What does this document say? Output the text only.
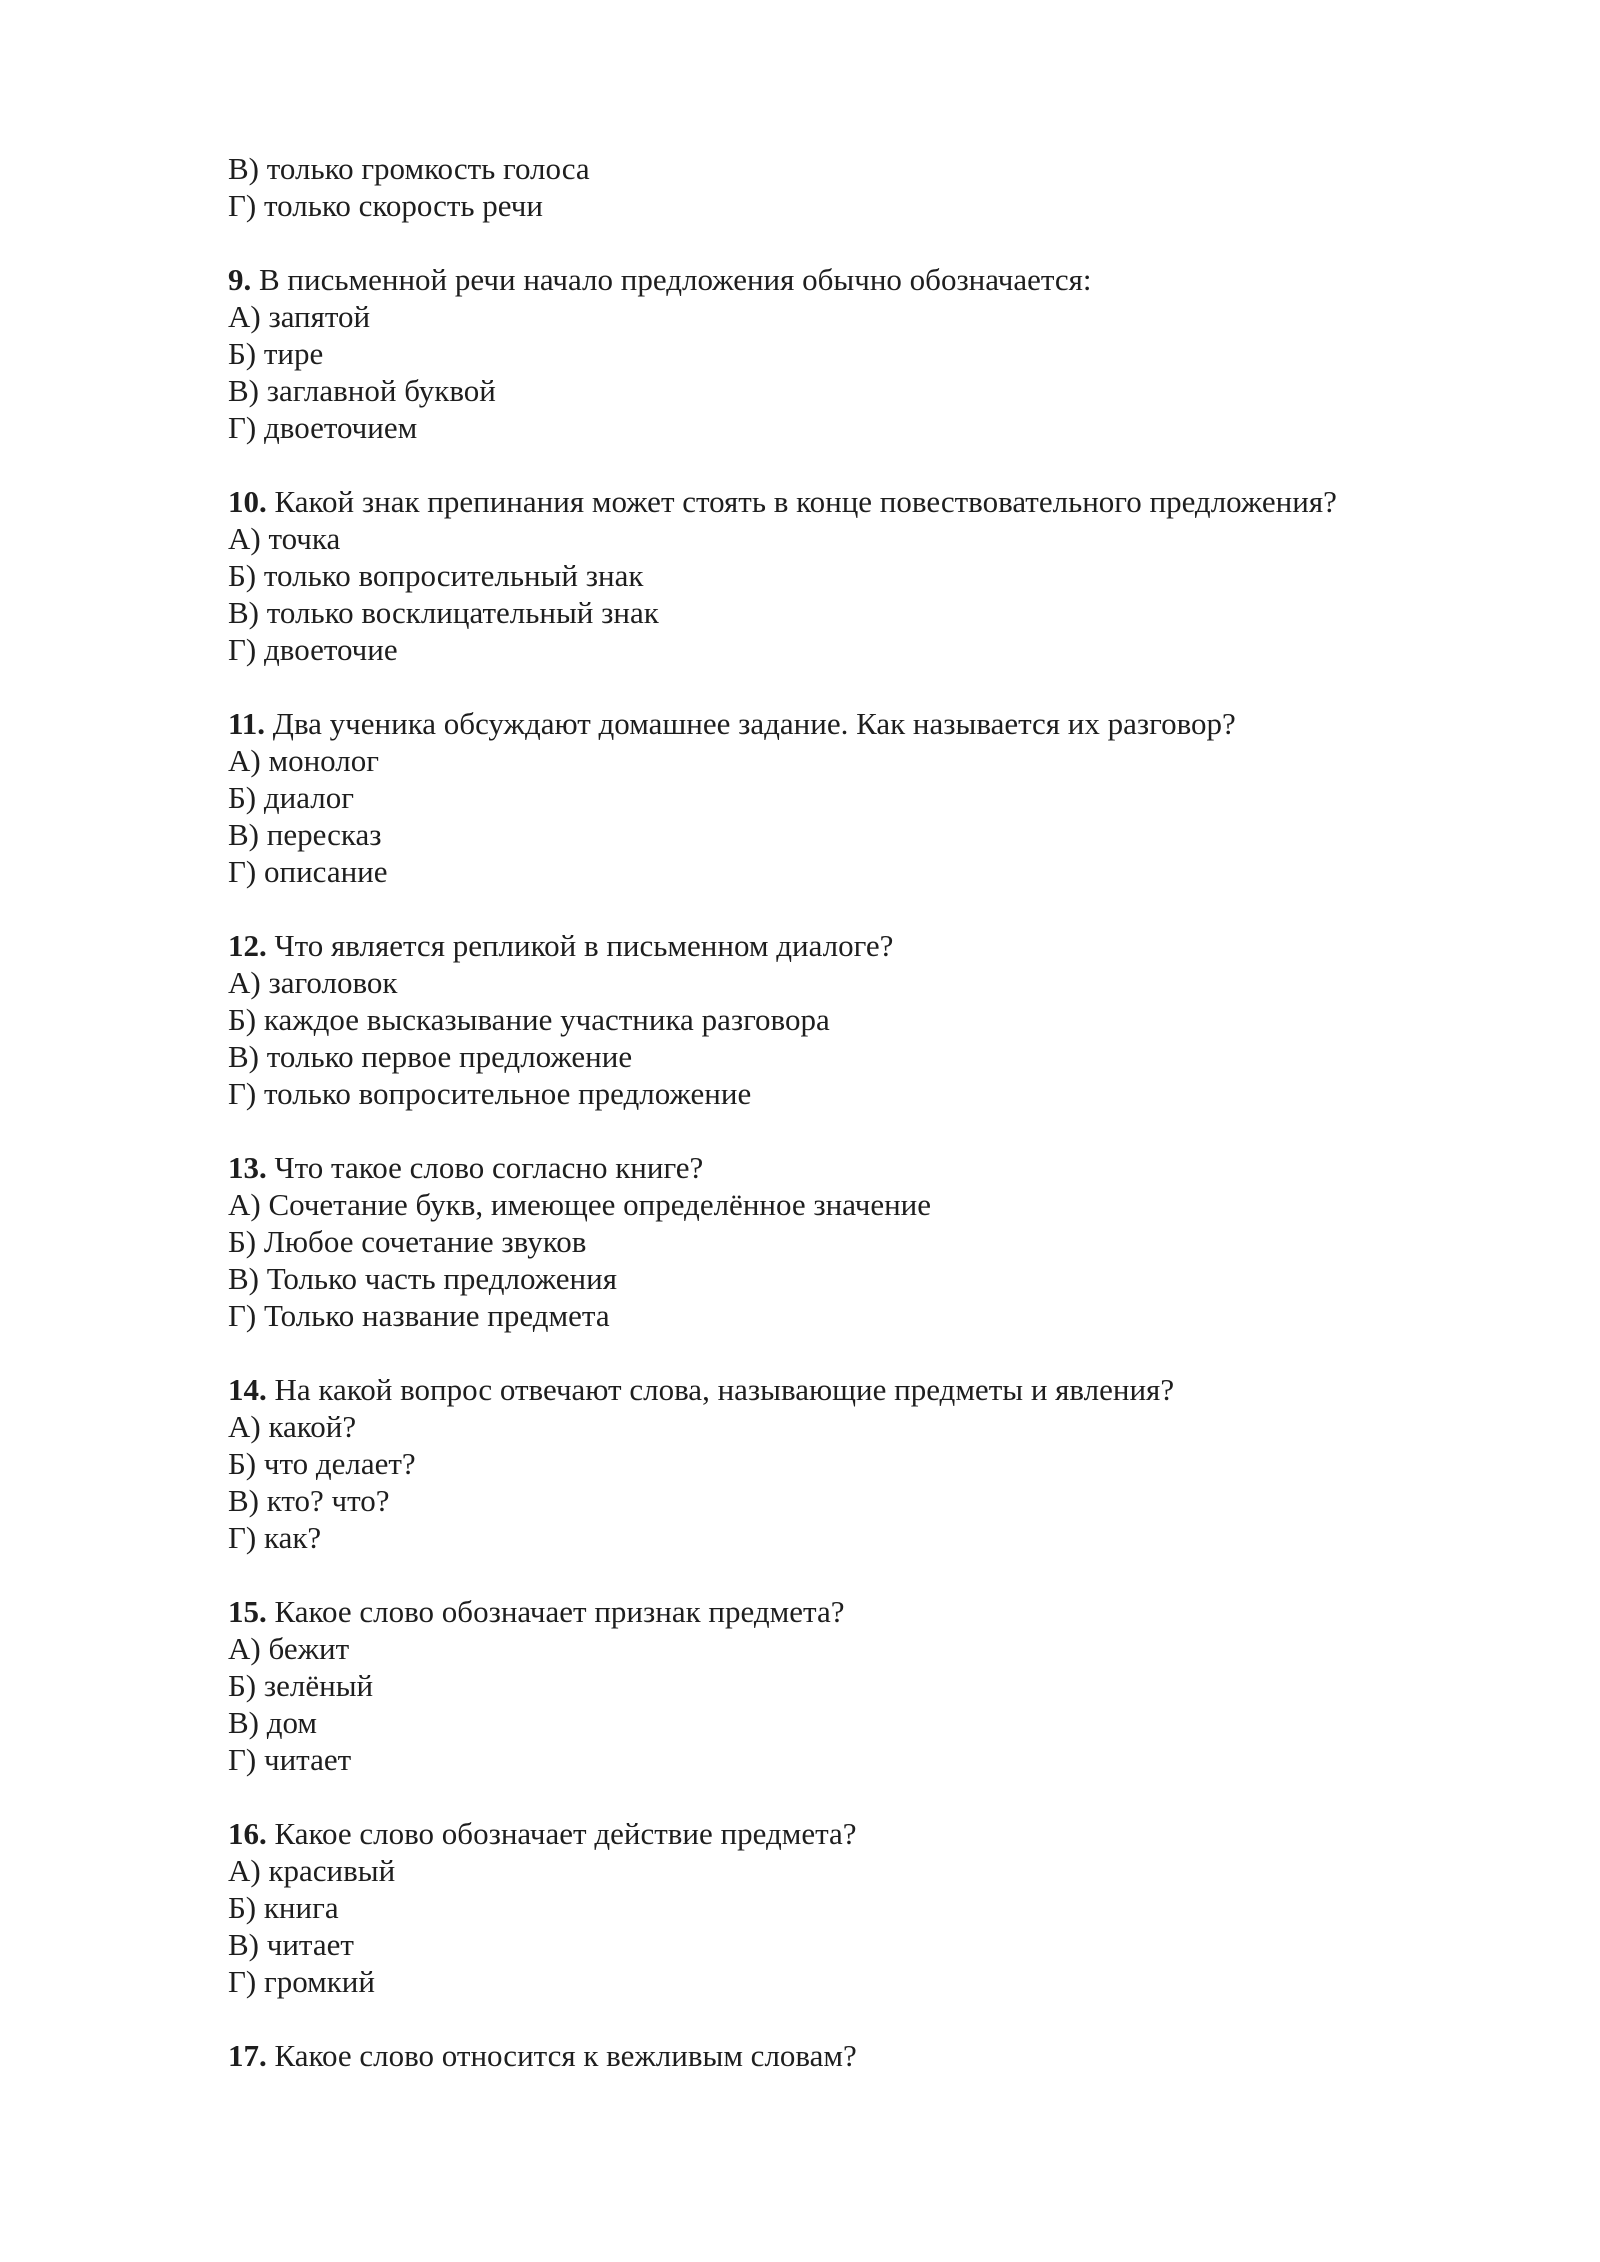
В) только громкость голоса
Г) только скорость речи
9. В письменной речи начало предложения обычно обозначается:
А) запятой
Б) тире
В) заглавной буквой
Г) двоеточием
10. Какой знак препинания может стоять в конце повествовательного предложения?
А) точка
Б) только вопросительный знак
В) только восклицательный знак
Г) двоеточие
11. Два ученика обсуждают домашнее задание. Как называется их разговор?
А) монолог
Б) диалог
В) пересказ
Г) описание
12. Что является репликой в письменном диалоге?
А) заголовок
Б) каждое высказывание участника разговора
В) только первое предложение
Г) только вопросительное предложение
13. Что такое слово согласно книге?
А) Сочетание букв, имеющее определённое значение
Б) Любое сочетание звуков
В) Только часть предложения
Г) Только название предмета
14. На какой вопрос отвечают слова, называющие предметы и явления?
А) какой?
Б) что делает?
В) кто? что?
Г) как?
15. Какое слово обозначает признак предмета?
А) бежит
Б) зелёный
В) дом
Г) читает
16. Какое слово обозначает действие предмета?
А) красивый
Б) книга
В) читает
Г) громкий
17. Какое слово относится к вежливым словам?
